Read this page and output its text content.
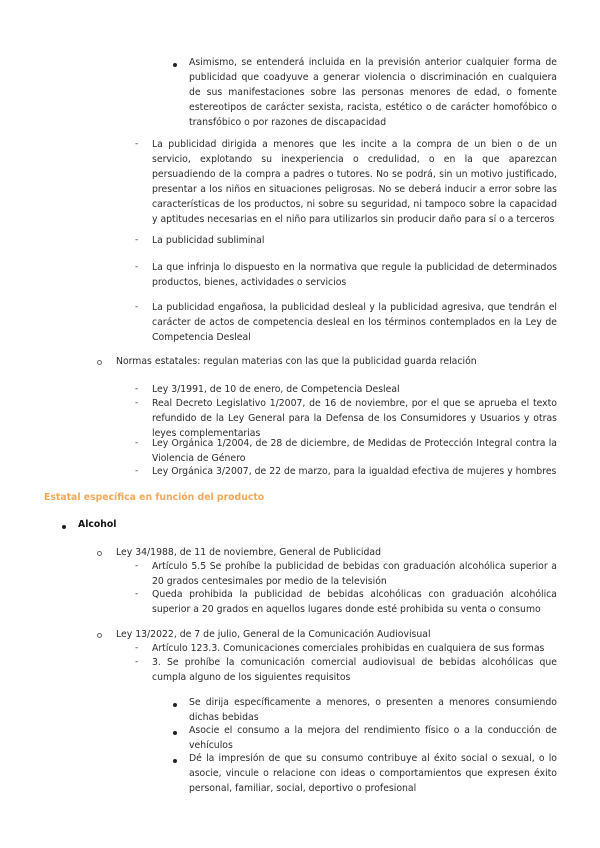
Asimismo, se entenderá incluida en la previsión anterior cualquier forma de publicidad que coadyuve a generar violencia o discriminación en cualquiera de sus manifestaciones sobre las personas menores de edad, o fomente estereotipos de carácter sexista, racista, estético o de carácter homofóbico o transfóbico o por razones de discapacidad

- La publicidad dirigida a menores que les incite a la compra de un bien o de un servicio, explotando su inexperiencia o credulidad, o en la que aparezcan persuadiendo de la compra a padres o tutores. No se podrá, sin un motivo justificado, presentar a los niños en situaciones peligrosas. No se deberá inducir a error sobre las características de los productos, ni sobre su seguridad, ni tampoco sobre la capacidad y aptitudes necesarias en el niño para utilizarlos sin producir daño para sí o a terceros

- La publicidad subliminal

- La que infrinja lo dispuesto en la normativa que regule la publicidad de determinados productos, bienes, actividades o servicios

- La publicidad engañosa, la publicidad desleal y la publicidad agresiva, que tendrán el carácter de actos de competencia desleal en los términos contemplados en la Ley de Competencia Desleal

Normas estatales: regulan materias con las que la publicidad guarda relación

- Ley 3/1991, de 10 de enero, de Competencia Desleal

- Real Decreto Legislativo 1/2007, de 16 de noviembre, por el que se aprueba el texto refundido de la Ley General para la Defensa de los Consumidores y Usuarios y otras leyes complementarias

- Ley Orgánica 1/2004, de 28 de diciembre, de Medidas de Protección Integral contra la Violencia de Género

- Ley Orgánica 3/2007, de 22 de marzo, para la igualdad efectiva de mujeres y hombres

Estatal específica en función del producto

Alcohol

Ley 34/1988, de 11 de noviembre, General de Publicidad

- Artículo 5.5 Se prohíbe la publicidad de bebidas con graduación alcohólica superior a 20 grados centesimales por medio de la televisión

- Queda prohibida la publicidad de bebidas alcohólicas con graduación alcohólica superior a 20 grados en aquellos lugares donde esté prohibida su venta o consumo

Ley 13/2022, de 7 de julio, General de la Comunicación Audiovisual

- Artículo 123.3. Comunicaciones comerciales prohibidas en cualquiera de sus formas

- 3. Se prohíbe la comunicación comercial audiovisual de bebidas alcohólicas que cumpla alguno de los siguientes requisitos

Se dirija específicamente a menores, o presenten a menores consumiendo dichas bebidas

Asocie el consumo a la mejora del rendimiento físico o a la conducción de vehículos

Dé la impresión de que su consumo contribuye al éxito social o sexual, o lo asocie, vincule o relacione con ideas o comportamientos que expresen éxito personal, familiar, social, deportivo o profesional
